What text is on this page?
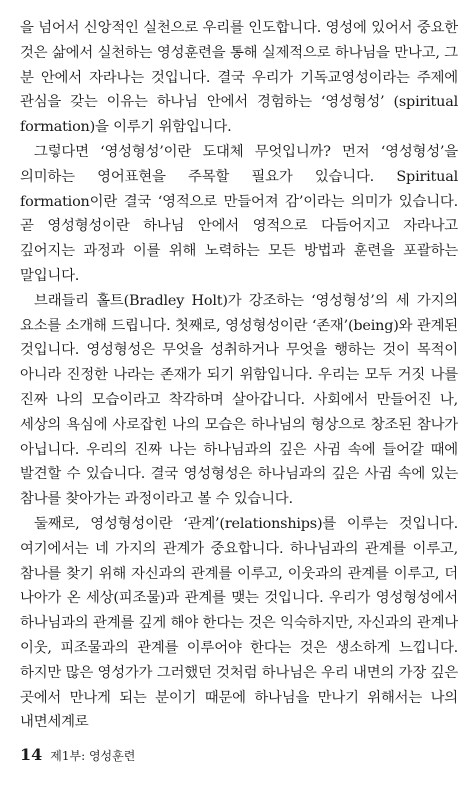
을 넘어서 신앙적인 실천으로 우리를 인도합니다. 영성에 있어서 중요한 것은 삶에서 실천하는 영성훈련을 통해 실제적으로 하나님을 만나고, 그 분 안에서 자라나는 것입니다. 결국 우리가 기독교영성이라는 주제에 관심을 갖는 이유는 하나님 안에서 경험하는 ‘영성형성’ (spiritual formation)을 이루기 위함입니다.

그렇다면 ‘영성형성’이란 도대체 무엇입니까? 먼저 ‘영성형성’을 의미하는 영어표현을 주목할 필요가 있습니다. Spiritual formation이란 결국 ‘영적으로 만들어져 감’이라는 의미가 있습니다. 곧 영성형성이란 하나님 안에서 영적으로 다듬어지고 자라나고 깊어지는 과정과 이를 위해 노력하는 모든 방법과 훈련을 포괄하는 말입니다.

브래들리 홀트(Bradley Holt)가 강조하는 ‘영성형성’의 세 가지의 요소를 소개해 드립니다. 첫째로, 영성형성이란 ‘존재’(being)와 관계된 것입니다. 영성형성은 무엇을 성취하거나 무엇을 행하는 것이 목적이 아니라 진정한 나라는 존재가 되기 위함입니다. 우리는 모두 거짓 나를 진짜 나의 모습이라고 착각하며 살아갑니다. 사회에서 만들어진 나, 세상의 욕심에 사로잡힌 나의 모습은 하나님의 형상으로 창조된 참나가 아닙니다. 우리의 진짜 나는 하나님과의 깊은 사귐 속에 들어갈 때에 발견할 수 있습니다. 결국 영성형성은 하나님과의 깊은 사귐 속에 있는 참나를 찾아가는 과정이라고 볼 수 있습니다.

둘째로, 영성형성이란 ‘관계’(relationships)를 이루는 것입니다. 여기에서는 네 가지의 관계가 중요합니다. 하나님과의 관계를 이루고, 참나를 찾기 위해 자신과의 관계를 이루고, 이웃과의 관계를 이루고, 더 나아가 온 세상(피조물)과 관계를 맺는 것입니다. 우리가 영성형성에서 하나님과의 관계를 깊게 해야 한다는 것은 익숙하지만, 자신과의 관계나 이웃, 피조물과의 관계를 이루어야 한다는 것은 생소하게 느낍니다. 하지만 많은 영성가가 그러했던 것처럼 하나님은 우리 내면의 가장 깊은 곳에서 만나게 되는 분이기 때문에 하나님을 만나기 위해서는 나의 내면세계로

14 제1부: 영성훈련
